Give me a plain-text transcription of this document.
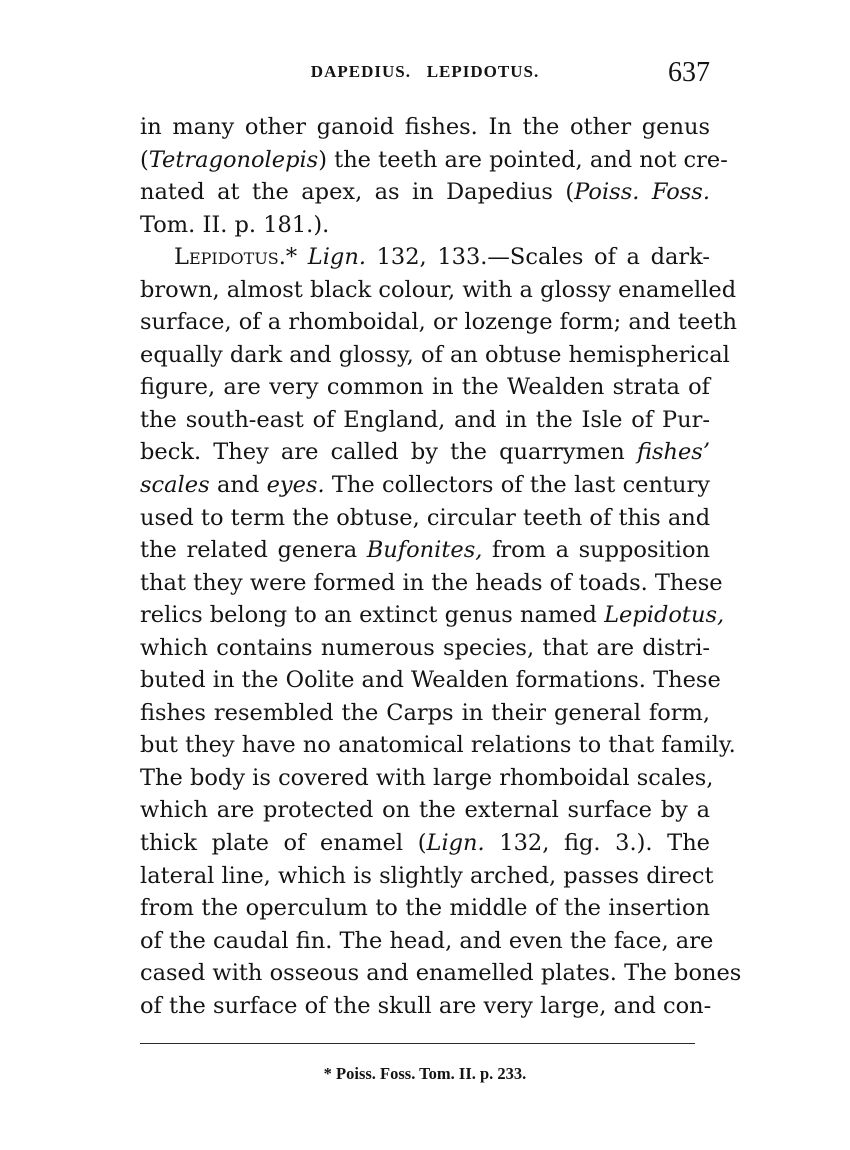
DAPEDIUS.   LEPIDOTUS.	637
in many other ganoid fishes. In the other genus
(Tetragonolepis) the teeth are pointed, and not cre-
nated at the apex, as in Dapedius (Poiss. Foss.
Tom. II. p. 181.).
Lepidotus.* Lign. 132, 133.—Scales of a dark-
brown, almost black colour, with a glossy enamelled
surface, of a rhomboidal, or lozenge form; and teeth
equally dark and glossy, of an obtuse hemispherical
figure, are very common in the Wealden strata of
the south-east of England, and in the Isle of Pur-
beck. They are called by the quarrymen fishes’
scales and eyes. The collectors of the last century
used to term the obtuse, circular teeth of this and
the related genera Bufonites, from a supposition
that they were formed in the heads of toads. These
relics belong to an extinct genus named Lepidotus,
which contains numerous species, that are distri-
buted in the Oolite and Wealden formations. These
fishes resembled the Carps in their general form,
but they have no anatomical relations to that family.
The body is covered with large rhomboidal scales,
which are protected on the external surface by a
thick plate of enamel (Lign. 132, fig. 3.). The
lateral line, which is slightly arched, passes direct
from the operculum to the middle of the insertion
of the caudal fin. The head, and even the face, are
cased with osseous and enamelled plates. The bones
of the surface of the skull are very large, and con-
* Poiss. Foss. Tom. II. p. 233.
